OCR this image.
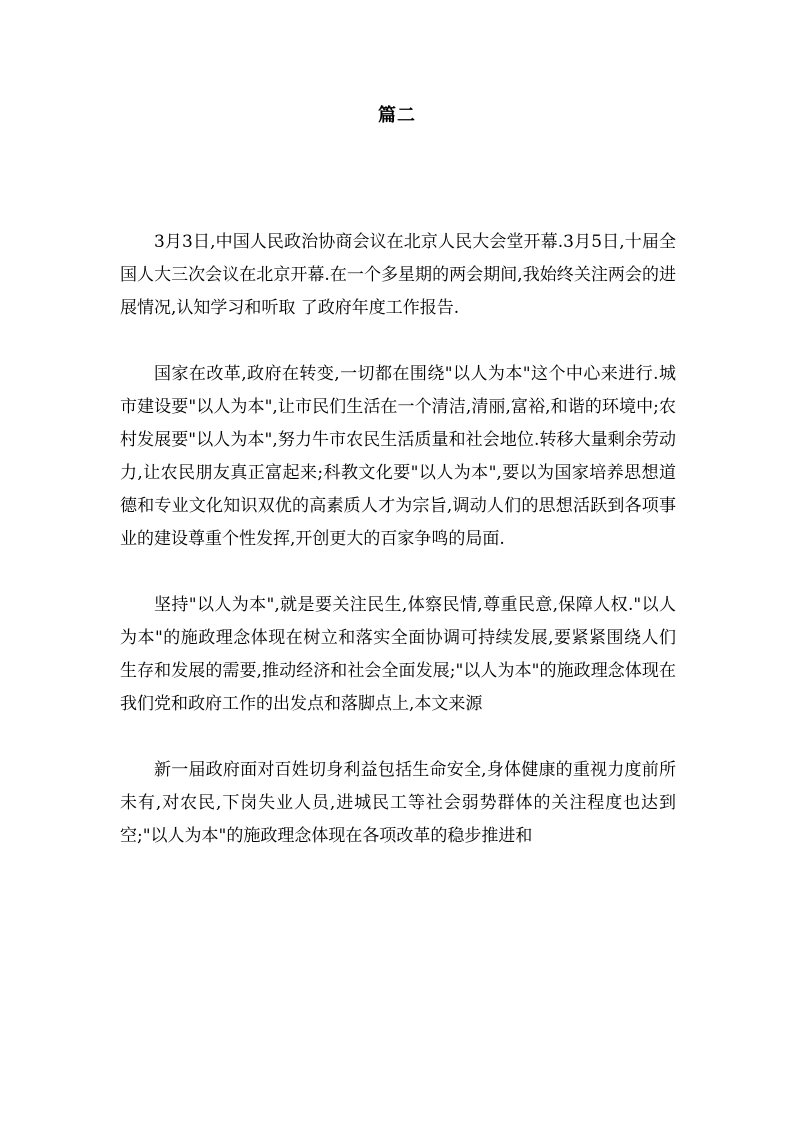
篇二

3月3日,中国人民政治协商会议在北京人民大会堂开幕.3月5日,十届全国人大三次会议在北京开幕.在一个多星期的两会期间,我始终关注两会的进展情况,认知学习和听取 了政府年度工作报告.

国家在改革,政府在转变,一切都在围绕"以人为本"这个中心来进行.城市建设要"以人为本",让市民们生活在一个清洁,清丽,富裕,和谐的环境中;农村发展要"以人为本",努力牛市农民生活质量和社会地位.转移大量剩余劳动力,让农民朋友真正富起来;科教文化要"以人为本",要以为国家培养思想道德和专业文化知识双优的高素质人才为宗旨,调动人们的思想活跃到各项事业的建设尊重个性发挥,开创更大的百家争鸣的局面.

坚持"以人为本",就是要关注民生,体察民情,尊重民意,保障人权."以人为本"的施政理念体现在树立和落实全面协调可持续发展,要紧紧围绕人们生存和发展的需要,推动经济和社会全面发展;"以人为本"的施政理念体现在我们党和政府工作的出发点和落脚点上,本文来源

新一届政府面对百姓切身利益包括生命安全,身体健康的重视力度前所未有,对农民,下岗失业人员,进城民工等社会弱势群体的关注程度也达到空;"以人为本"的施政理念体现在各项改革的稳步推进和
